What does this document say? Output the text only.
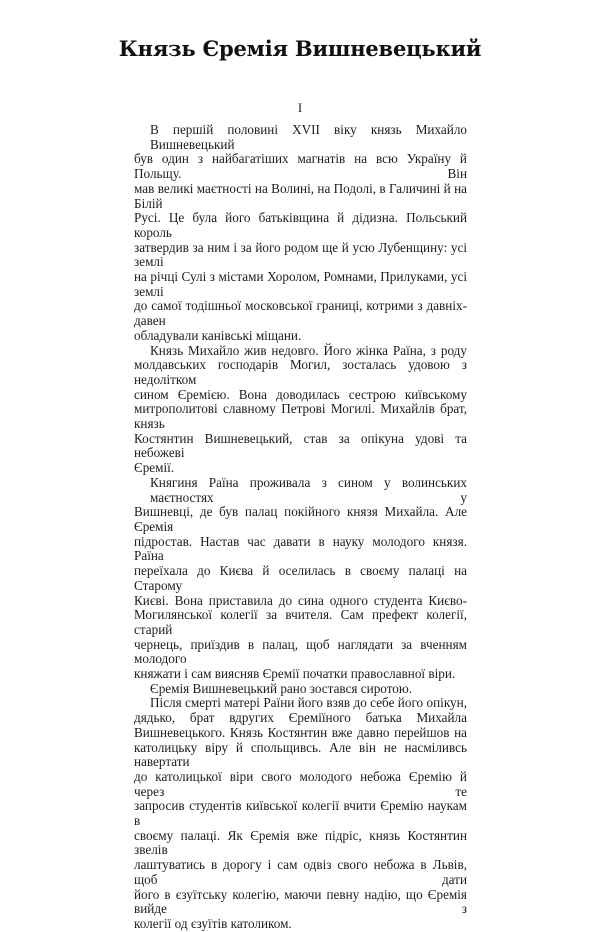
Князь Єремія Вишневецький
I

В першій половині XVII віку князь Михайло Вишневецький
був один з найбагатіших магнатів на всю Україну й Польщу. Він
мав великі маєтності на Волині, на Подолі, в Галичині й на Білій
Русі. Це була його батьківщина й дідизна. Польський король
затвердив за ним і за його родом ще й усю Лубенщину: усі землі
на річці Сулі з містами Хоролом, Ромнами, Прилуками, усі землі
до самої тодішньої московської границі, котрими з давніх-давен
обладували канівські міщани.

Князь Михайло жив недовго. Його жінка Раїна, з роду
молдавських господарів Могил, зосталась удовою з недолітком
сином Єремією. Вона доводилась сестрою київському
митрополитові славному Петрові Могилі. Михайлів брат, князь
Костянтин Вишневецький, став за опікуна удові та небожеві
Єремії.

Княгиня Раїна проживала з сином у волинських маєтностях у
Вишневці, де був палац покійного князя Михайла. Але Єремія
підростав. Настав час давати в науку молодого князя. Раїна
переїхала до Києва й оселилась в своєму палаці на Старому
Києві. Вона приставила до сина одного студента Києво-
Могилянської колегії за вчителя. Сам префект колегії, старий
чернець, приїздив в палац, щоб наглядати за вченням молодого
княжати і сам виясняв Єремії початки православної віри.

Єремія Вишневецький рано зостався сиротою.

Після смерті матері Раїни його взяв до себе його опікун,
дядько, брат вдругих Єреміїного батька Михайла
Вишневецького. Князь Костянтин вже давно перейшов на
католицьку віру й спольщивсь. Але він не насміливсь навертати
до католицької віри свого молодого небожа Єремію й через те
запросив студентів київської колегії вчити Єремію наукам в
своєму палаці. Як Єремія вже підріс, князь Костянтин звелів
лаштуватись в дорогу і сам одвіз свого небожа в Львів, щоб дати
його в єзуїтську колегію, маючи певну надію, що Єремія вийде з
колегії од єзуїтів католиком.
